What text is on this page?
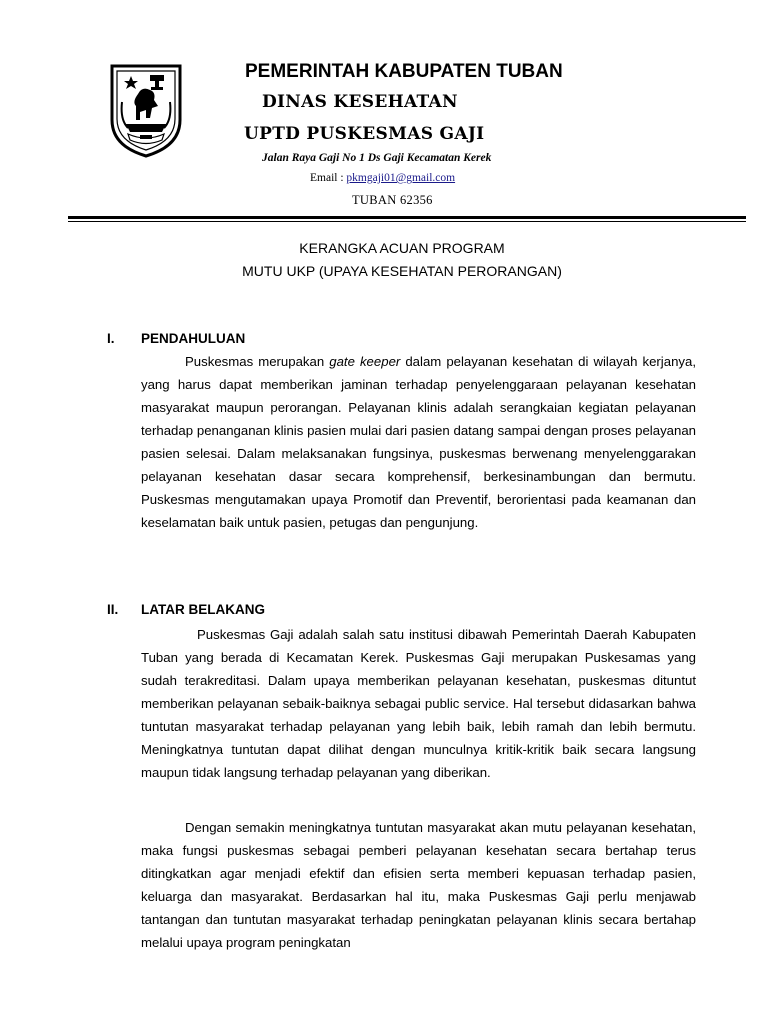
PEMERINTAH KABUPATEN TUBAN
DINAS KESEHATAN
UPTD PUSKESMAS GAJI
Jalan Raya Gaji No 1 Ds Gaji Kecamatan Kerek
Email : pkmgaji01@gmail.com
TUBAN 62356
KERANGKA ACUAN PROGRAM
MUTU UKP (UPAYA KESEHATAN PERORANGAN)
I. PENDAHULUAN

Puskesmas merupakan gate keeper dalam pelayanan kesehatan di wilayah kerjanya, yang harus dapat memberikan jaminan terhadap penyelenggaraan pelayanan kesehatan masyarakat maupun perorangan. Pelayanan klinis adalah serangkaian kegiatan pelayanan terhadap penanganan klinis pasien mulai dari pasien datang sampai dengan proses pelayanan pasien selesai. Dalam melaksanakan fungsinya, puskesmas berwenang menyelenggarakan pelayanan kesehatan dasar secara komprehensif, berkesinambungan dan bermutu. Puskesmas mengutamakan upaya Promotif dan Preventif, berorientasi pada keamanan dan keselamatan baik untuk pasien, petugas dan pengunjung.

II. LATAR BELAKANG

Puskesmas Gaji adalah salah satu institusi dibawah Pemerintah Daerah Kabupaten Tuban yang berada di Kecamatan Kerek. Puskesmas Gaji merupakan Puskesamas yang sudah terakreditasi. Dalam upaya memberikan pelayanan kesehatan, puskesmas dituntut memberikan pelayanan sebaik-baiknya sebagai public service. Hal tersebut didasarkan bahwa tuntutan masyarakat terhadap pelayanan yang lebih baik, lebih ramah dan lebih bermutu. Meningkatnya tuntutan dapat dilihat dengan munculnya kritik-kritik baik secara langsung maupun tidak langsung terhadap pelayanan yang diberikan.

Dengan semakin meningkatnya tuntutan masyarakat akan mutu pelayanan kesehatan, maka fungsi puskesmas sebagai pemberi pelayanan kesehatan secara bertahap terus ditingkatkan agar menjadi efektif dan efisien serta memberi kepuasan terhadap pasien, keluarga dan masyarakat. Berdasarkan hal itu, maka Puskesmas Gaji perlu menjawab tantangan dan tuntutan masyarakat terhadap peningkatan pelayanan klinis secara bertahap melalui upaya program peningkatan
